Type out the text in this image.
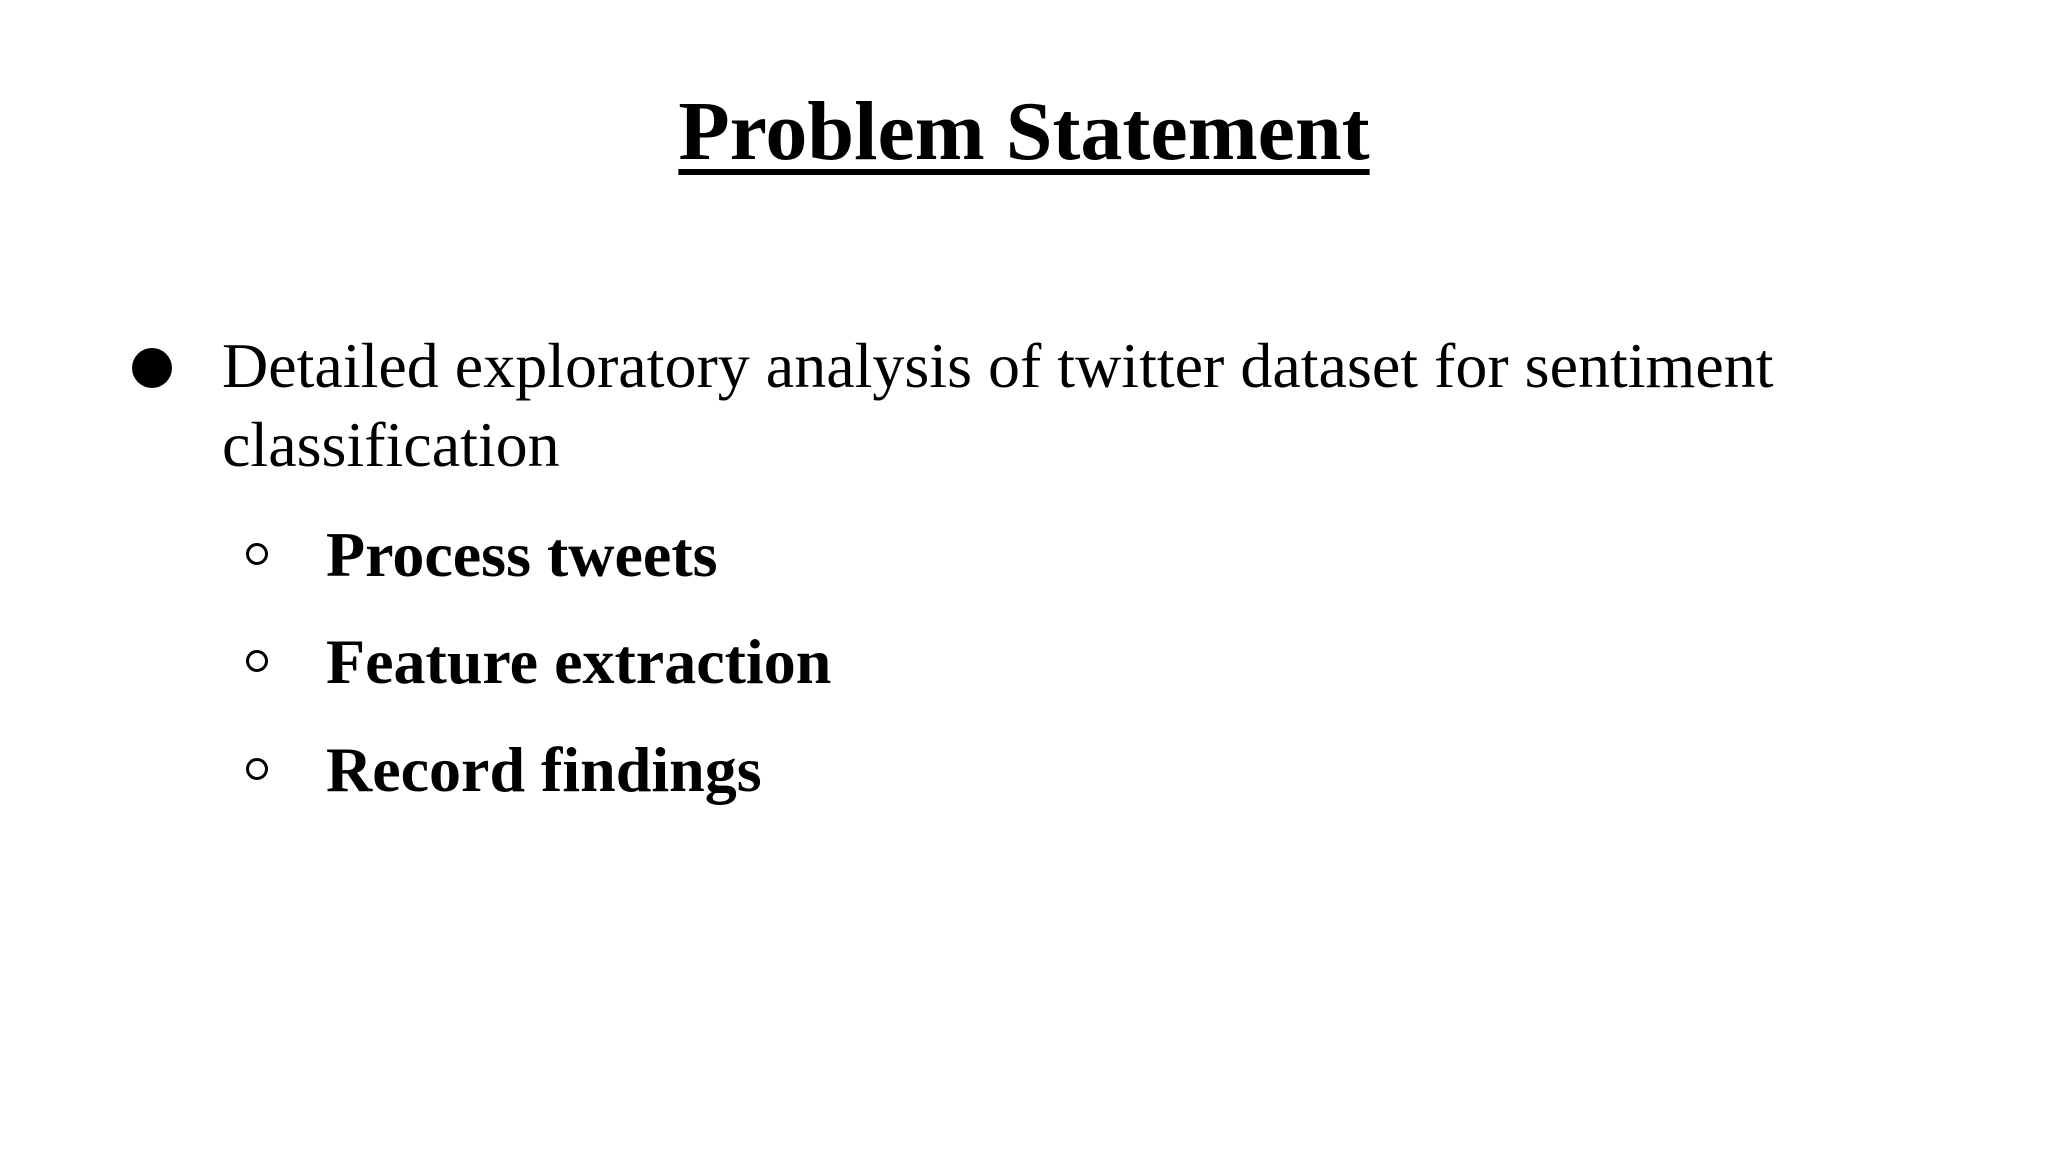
Problem Statement

Detailed exploratory analysis of twitter dataset for sentiment classification

Process tweets
Feature extraction
Record findings
